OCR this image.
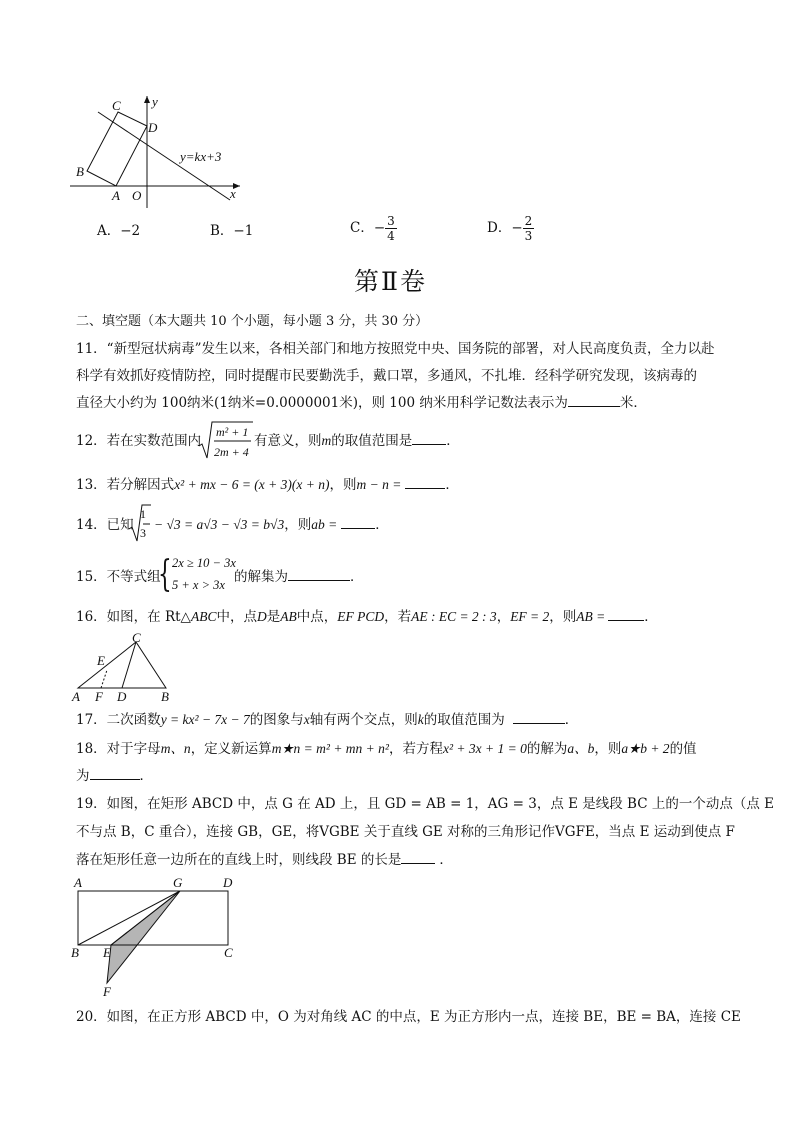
C y
D
y=kx+3
B
A O	x
A．−2	B．−1	C．− $\frac{3}{4}$	D．− $\frac{2}{3}$
第Ⅱ卷
二、填空题（本大题共 10 个小题，每小题 3 分，共 30 分）
11．“新型冠状病毒”发生以来，各相关部门和地方按照党中央、国务院的部署，对人民高度负责，全力以赴
科学有效抓好疫情防控，同时提醒市民要勤洗手，戴口罩，多通风，不扎堆．经科学研究发现，该病毒的
直径大小约为 100纳米(1纳米=0.0000001米)，则 100 纳米用科学记数法表示为	米．
12．若在实数范围内
m² + 1
2m + 4
有意义，则m的取值范围是	．
13．若分解因式x² + mx − 6 = (x + 3)(x + n)，则m − n =	．
14．已知
1
3
− √3 = a√3 − √3 = b√3，则ab =	．
15．不等式组
{ 2x ≥ 10 − 3x
5 + x > 3x 的解集为	．
16．如图，在 Rt△ABC中，点D是AB中点，EF PCD，若AE : EC = 2 : 3，EF = 2，则AB =	．
C
E
A F D	B
17．二次函数y = kx² − 7x − 7的图象与x轴有两个交点，则k的取值范围为	．
18．对于字母m、n，定义新运算m★n = m² + mn + n²，若方程x² + 3x + 1 = 0的解为a、b，则a★b + 2的值
为	．
19．如图，在矩形 ABCD 中，点 G 在 AD 上，且 GD = AB = 1，AG = 3，点 E 是线段 BC 上的一个动点（点 E
不与点 B，C 重合），连接 GB，GE，将VGBE 关于直线 GE 对称的三角形记作VGFE，当点 E 运动到使点 F
落在矩形任意一边所在的直线上时，则线段 BE 的长是	．
A	G	D
B E	C
F
20．如图，在正方形 ABCD 中，O 为对角线 AC 的中点，E 为正方形内一点，连接 BE，BE = BA，连接 CE
